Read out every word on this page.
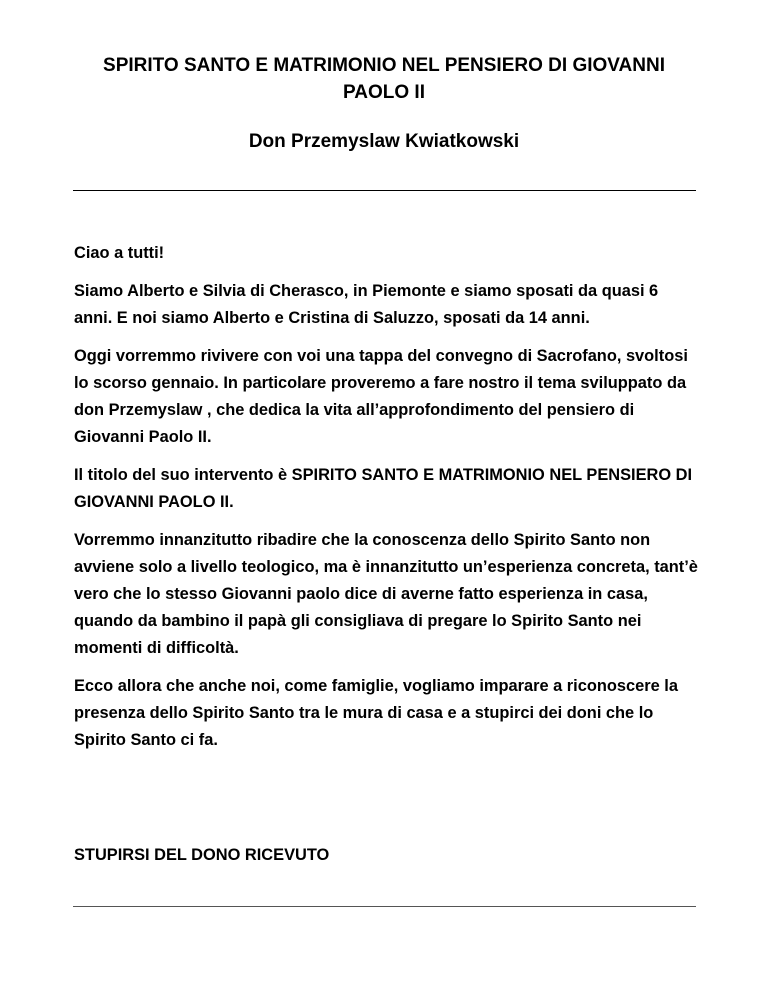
SPIRITO SANTO E MATRIMONIO NEL PENSIERO DI GIOVANNI
PAOLO II

Don Przemyslaw Kwiatkowski

Ciao a tutti!

Siamo Alberto e Silvia di Cherasco, in Piemonte e siamo sposati da quasi 6 anni. E noi siamo Alberto e Cristina di Saluzzo, sposati da 14 anni.

Oggi vorremmo rivivere con voi una tappa del convegno di Sacrofano, svoltosi lo scorso gennaio. In particolare proveremo a fare nostro il tema sviluppato da don Przemyslaw , che dedica la vita all’approfondimento del pensiero di Giovanni Paolo II.

Il titolo del suo intervento è SPIRITO SANTO E MATRIMONIO NEL PENSIERO DI GIOVANNI PAOLO II.

Vorremmo innanzitutto ribadire che la conoscenza dello Spirito Santo non avviene solo a livello teologico, ma è innanzitutto un’esperienza concreta, tant’è vero che lo stesso Giovanni paolo dice di averne fatto esperienza in casa, quando da bambino il papà gli consigliava di pregare lo Spirito Santo nei momenti di difficoltà.

Ecco allora che anche noi, come famiglie, vogliamo imparare a riconoscere la presenza dello Spirito Santo tra le mura di casa e a stupirci dei doni che lo Spirito Santo ci fa.

STUPIRSI DEL DONO RICEVUTO
